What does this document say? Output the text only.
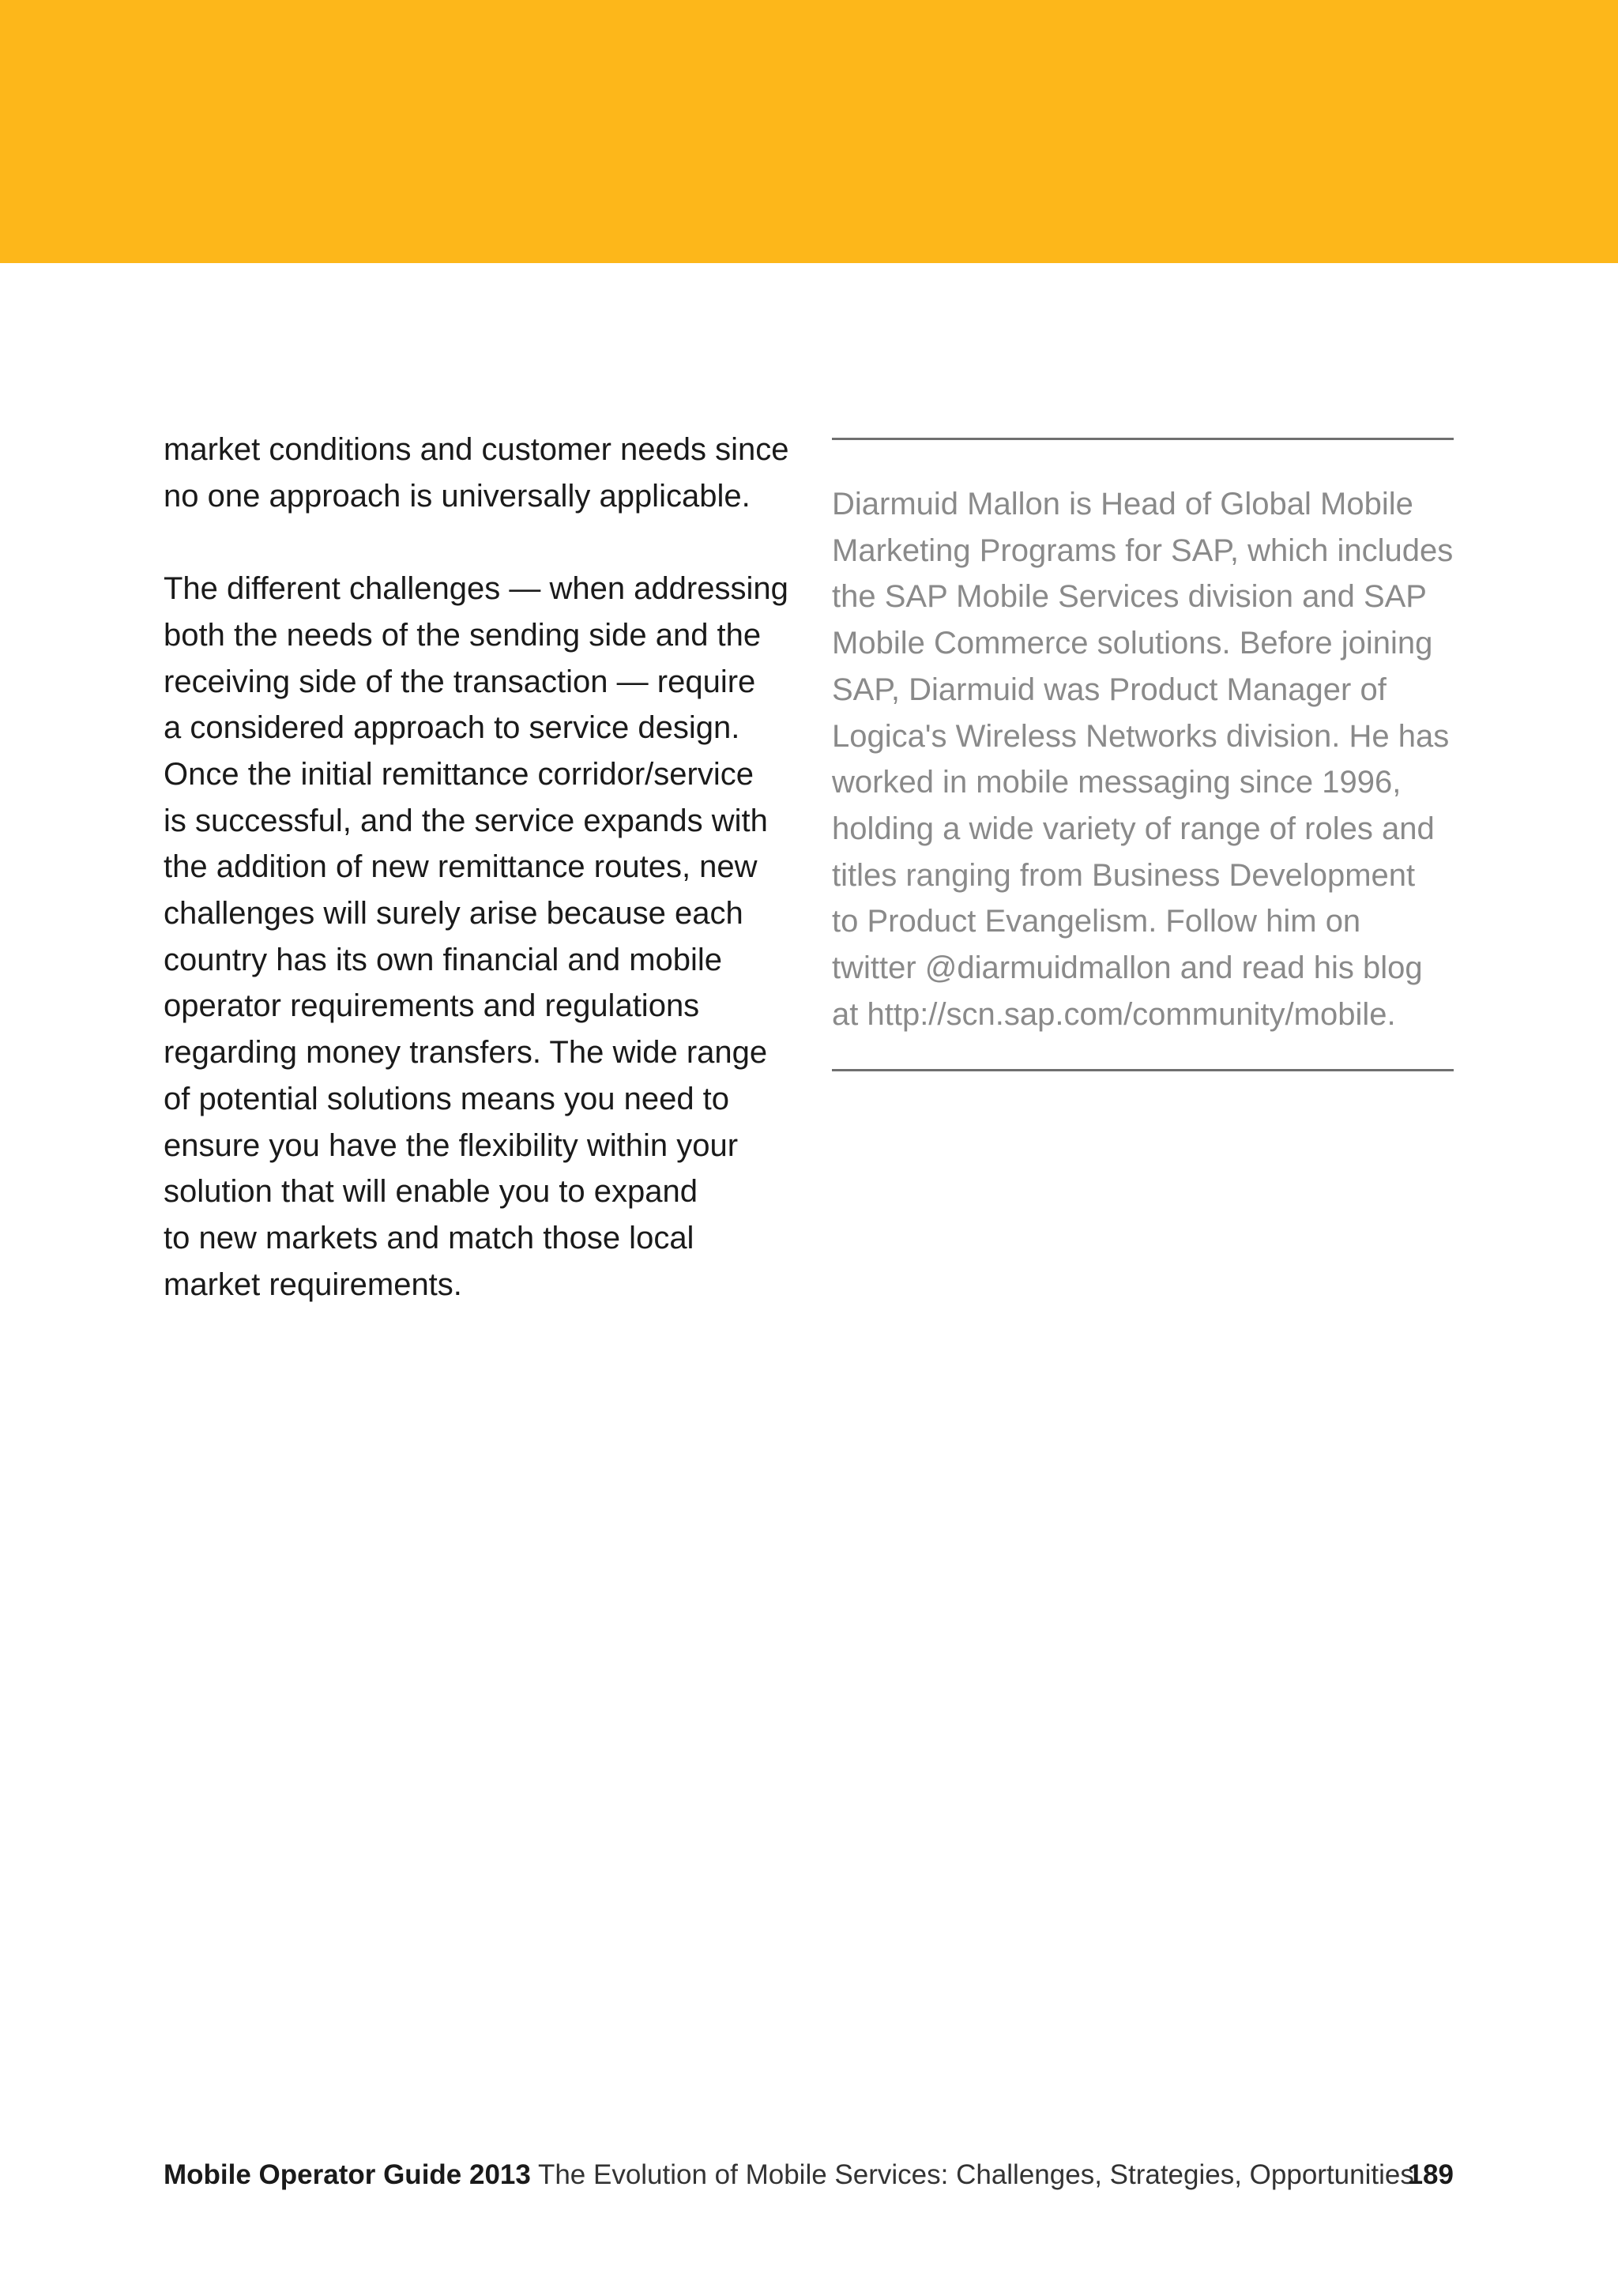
market conditions and customer needs since
no one approach is universally applicable.

The different challenges — when addressing
both the needs of the sending side and the
receiving side of the transaction — require
a considered approach to service design.
Once the initial remittance corridor/service
is successful, and the service expands with
the addition of new remittance routes, new
challenges will surely arise because each
country has its own financial and mobile
operator requirements and regulations
regarding money transfers. The wide range
of potential solutions means you need to
ensure you have the flexibility within your
solution that will enable you to expand
to new markets and match those local
market requirements.

Diarmuid Mallon is Head of Global Mobile
Marketing Programs for SAP, which includes
the SAP Mobile Services division and SAP
Mobile Commerce solutions. Before joining
SAP, Diarmuid was Product Manager of
Logica's Wireless Networks division. He has
worked in mobile messaging since 1996,
holding a wide variety of range of roles and
titles ranging from Business Development
to Product Evangelism. Follow him on
twitter @diarmuidmallon and read his blog
at http://scn.sap.com/community/mobile.
Mobile Operator Guide 2013 The Evolution of Mobile Services: Challenges, Strategies, Opportunities
189
